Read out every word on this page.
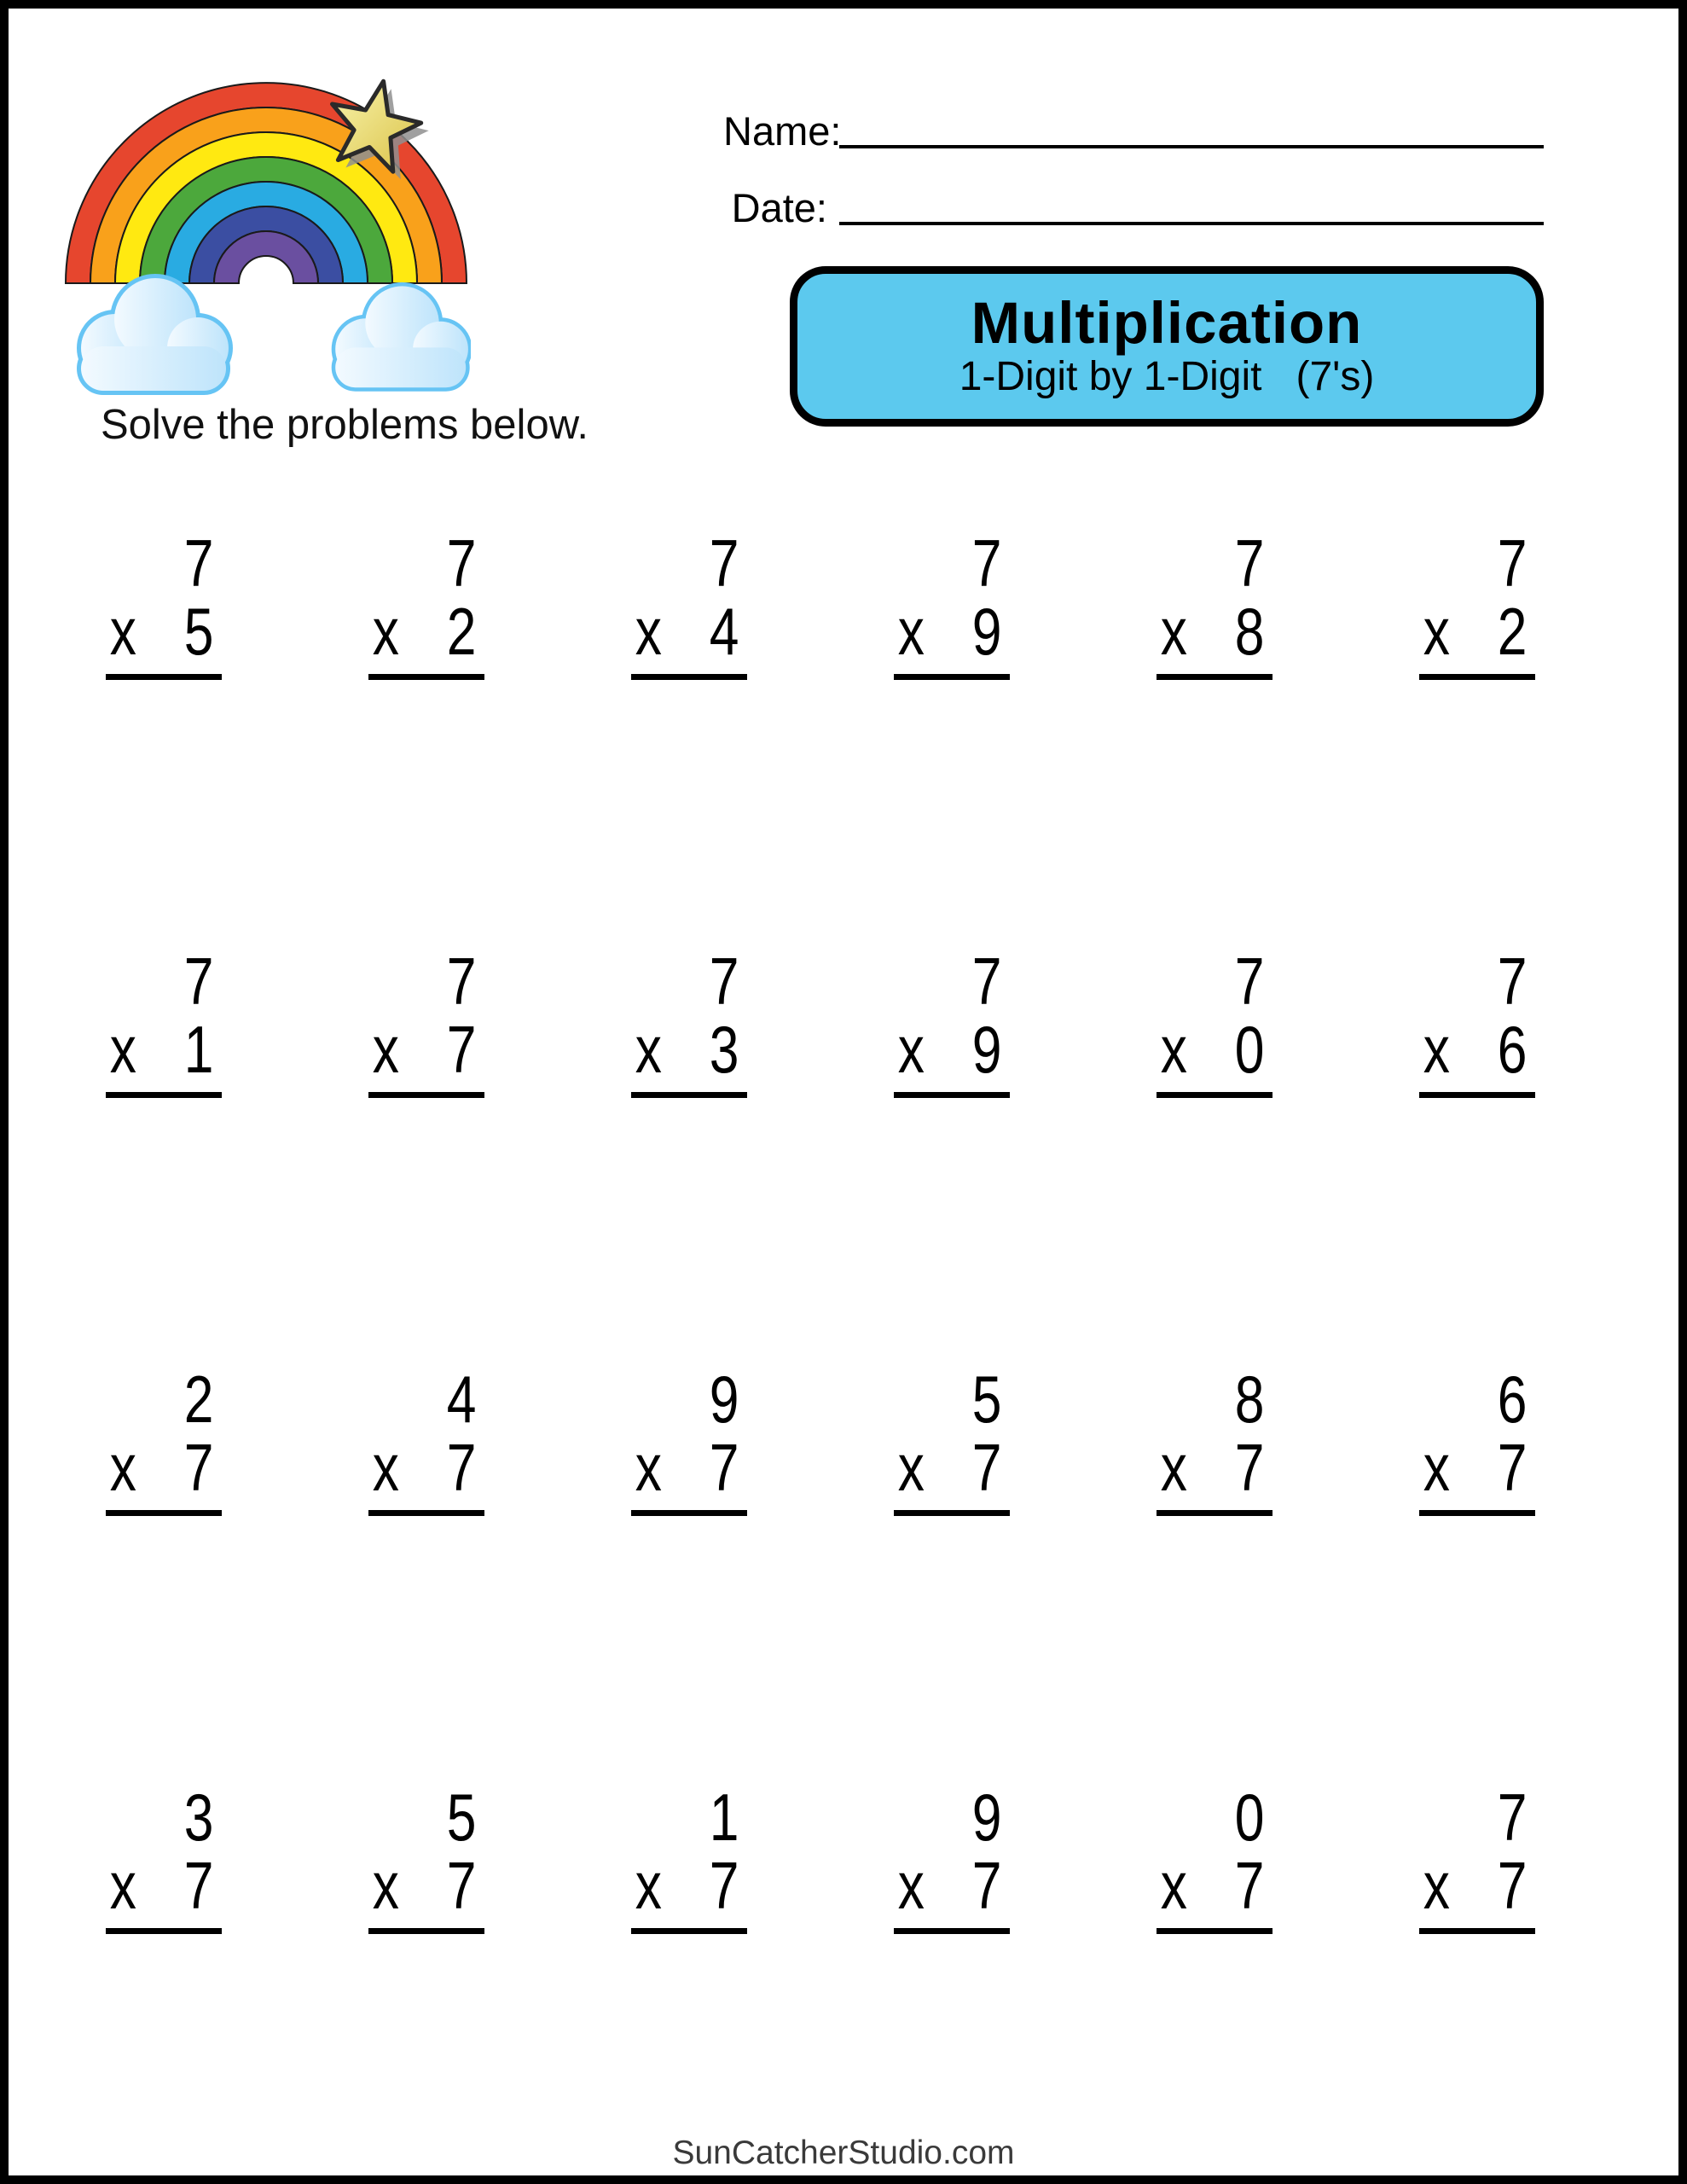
Solve the problems below.
Name:
Date:
Multiplication
1-Digit by 1-Digit   (7's)
7
x 5
7
x 2
7
x 4
7
x 9
7
x 8
7
x 2
7
x 1
7
x 7
7
x 3
7
x 9
7
x 0
7
x 6
2
x 7
4
x 7
9
x 7
5
x 7
8
x 7
6
x 7
3
x 7
5
x 7
1
x 7
9
x 7
0
x 7
7
x 7
SunCatcherStudio.com
